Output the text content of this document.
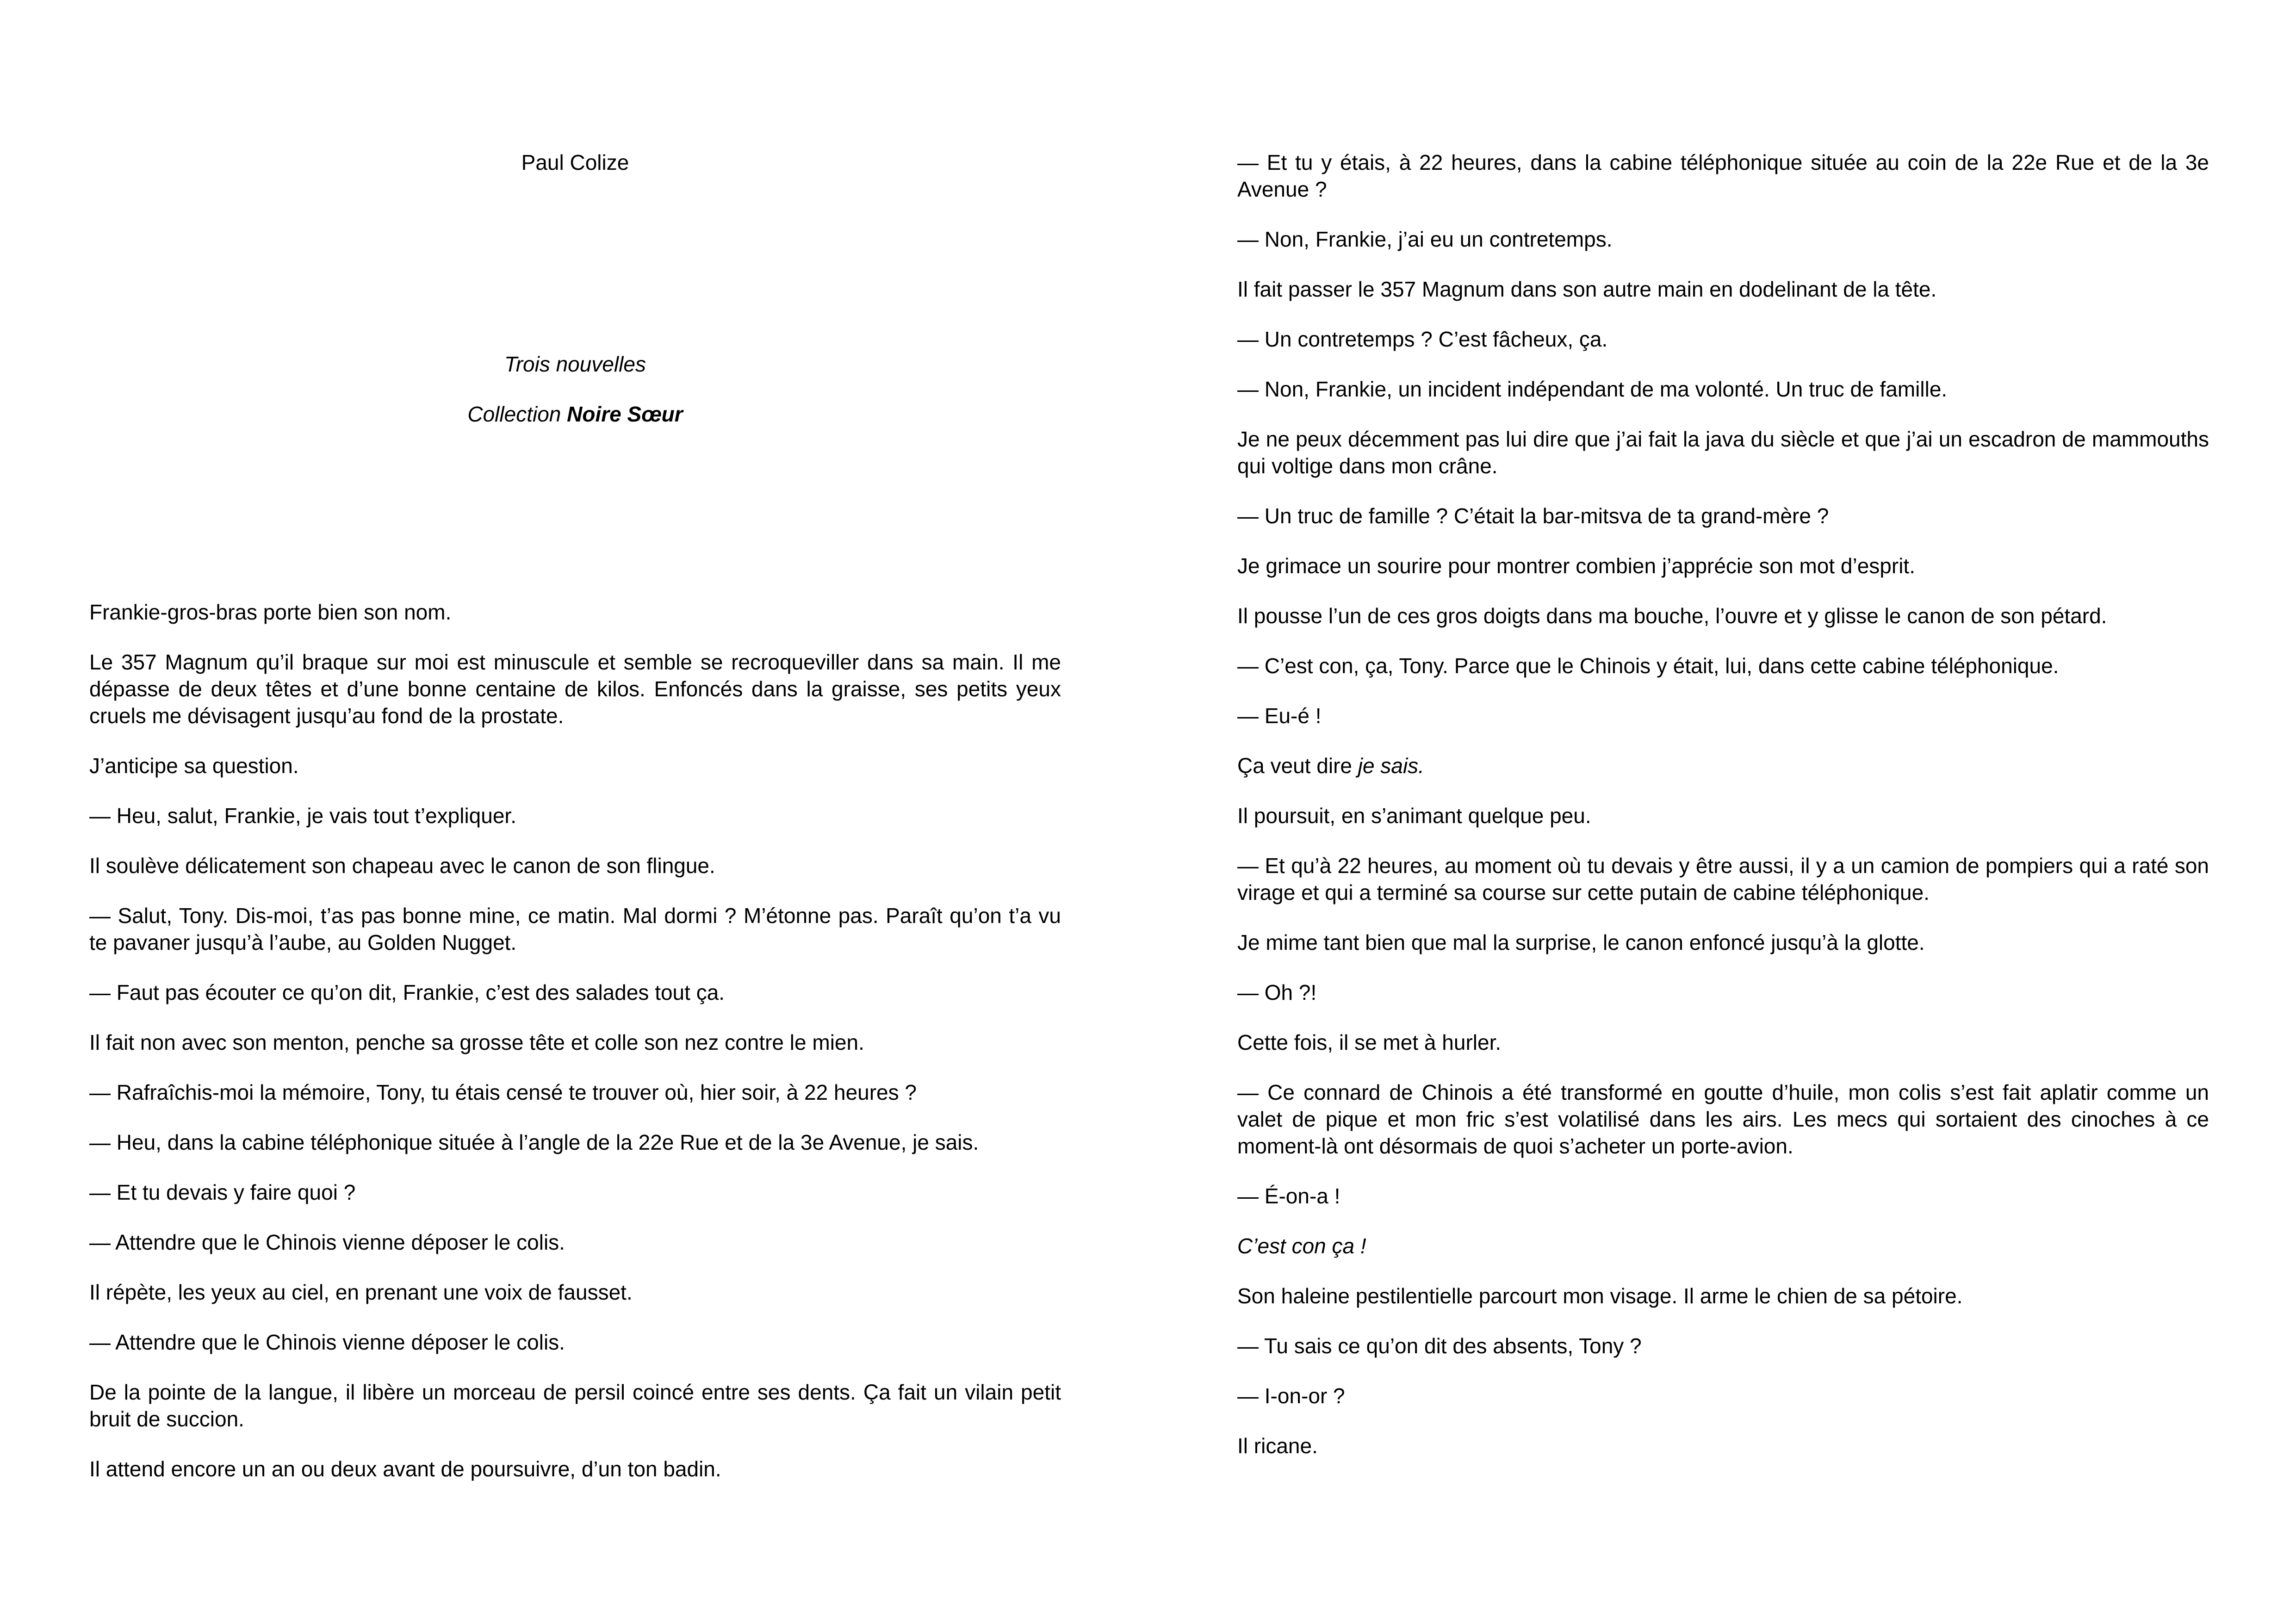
Paul Colize

Trois nouvelles

Collection Noire Sœur

Frankie-gros-bras porte bien son nom.

Le 357 Magnum qu’il braque sur moi est minuscule et semble se recroqueviller dans sa main. Il me dépasse de deux têtes et d’une bonne centaine de kilos. Enfoncés dans la graisse, ses petits yeux cruels me dévisagent jusqu’au fond de la prostate.

J’anticipe sa question.

— Heu, salut, Frankie, je vais tout t’expliquer.

Il soulève délicatement son chapeau avec le canon de son flingue.

— Salut, Tony. Dis-moi, t’as pas bonne mine, ce matin. Mal dormi ? M’étonne pas. Paraît qu’on t’a vu te pavaner jusqu’à l’aube, au Golden Nugget.

— Faut pas écouter ce qu’on dit, Frankie, c’est des salades tout ça.

Il fait non avec son menton, penche sa grosse tête et colle son nez contre le mien.

— Rafraîchis-moi la mémoire, Tony, tu étais censé te trouver où, hier soir, à 22 heures ?

— Heu, dans la cabine téléphonique située à l’angle de la 22e Rue et de la 3e Avenue, je sais.

— Et tu devais y faire quoi ?

— Attendre que le Chinois vienne déposer le colis.

Il répète, les yeux au ciel, en prenant une voix de fausset.

— Attendre que le Chinois vienne déposer le colis.

De la pointe de la langue, il libère un morceau de persil coincé entre ses dents. Ça fait un vilain petit bruit de succion.

Il attend encore un an ou deux avant de poursuivre, d’un ton badin.

— Et tu y étais, à 22 heures, dans la cabine téléphonique située au coin de la 22e Rue et de la 3e Avenue ?

— Non, Frankie, j’ai eu un contretemps.

Il fait passer le 357 Magnum dans son autre main en dodelinant de la tête.

— Un contretemps ? C’est fâcheux, ça.

— Non, Frankie, un incident indépendant de ma volonté. Un truc de famille.

Je ne peux décemment pas lui dire que j’ai fait la java du siècle et que j’ai un escadron de mammouths qui voltige dans mon crâne.

— Un truc de famille ? C’était la bar-mitsva de ta grand-mère ?

Je grimace un sourire pour montrer combien j’apprécie son mot d’esprit.

Il pousse l’un de ces gros doigts dans ma bouche, l’ouvre et y glisse le canon de son pétard.

— C’est con, ça, Tony. Parce que le Chinois y était, lui, dans cette cabine téléphonique.

— Eu-é !

Ça veut dire je sais.

Il poursuit, en s’animant quelque peu.

— Et qu’à 22 heures, au moment où tu devais y être aussi, il y a un camion de pompiers qui a raté son virage et qui a terminé sa course sur cette putain de cabine téléphonique.

Je mime tant bien que mal la surprise, le canon enfoncé jusqu’à la glotte.

— Oh ?!

Cette fois, il se met à hurler.

— Ce connard de Chinois a été transformé en goutte d’huile, mon colis s’est fait aplatir comme un valet de pique et mon fric s’est volatilisé dans les airs. Les mecs qui sortaient des cinoches à ce moment-là ont désormais de quoi s’acheter un porte-avion.

— É-on-a !

C’est con ça !

Son haleine pestilentielle parcourt mon visage. Il arme le chien de sa pétoire.

— Tu sais ce qu’on dit des absents, Tony ?

— I-on-or ?

Il ricane.
